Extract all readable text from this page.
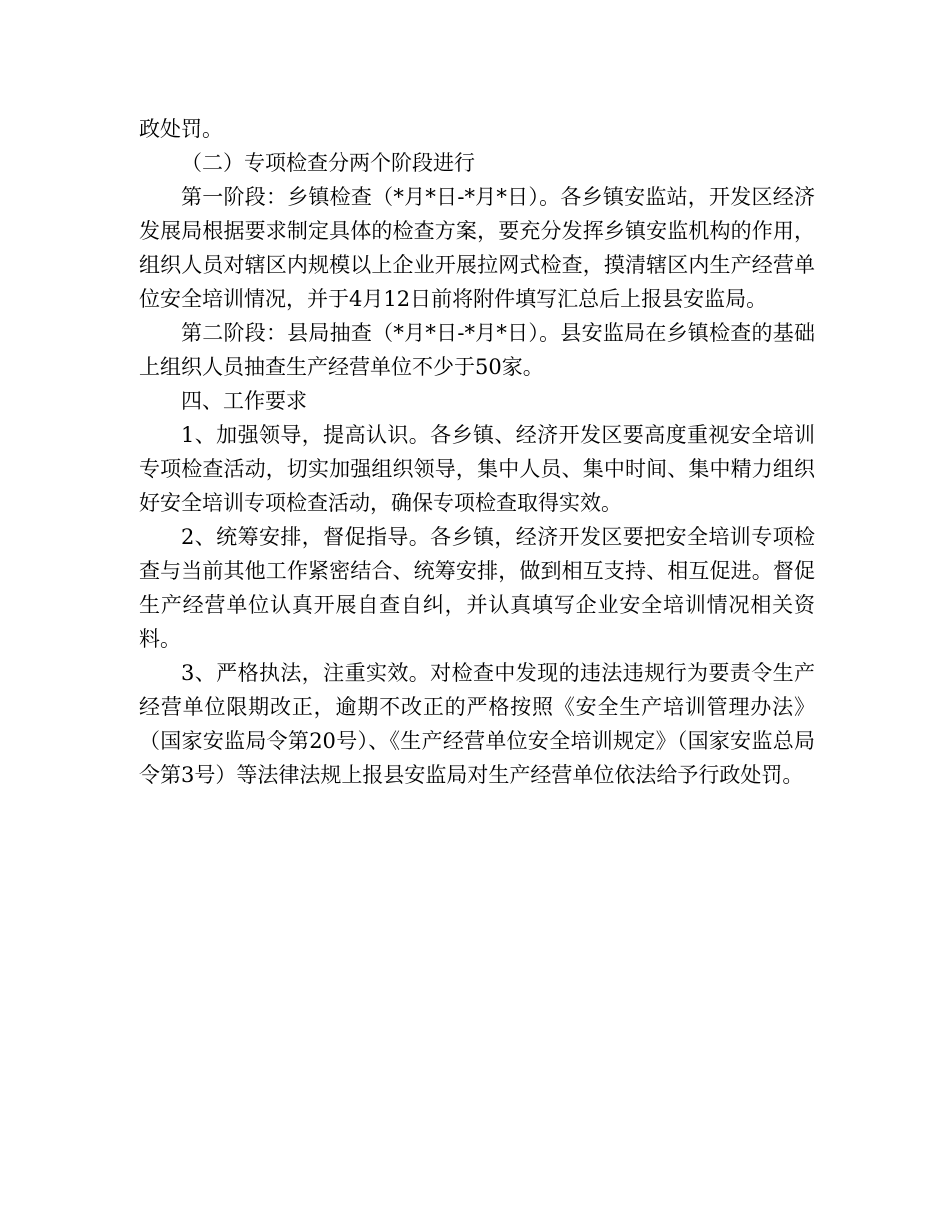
政处罚。

（二）专项检查分两个阶段进行

第一阶段：乡镇检查（*月*日-*月*日）。各乡镇安监站，开发区经济发展局根据要求制定具体的检查方案，要充分发挥乡镇安监机构的作用，组织人员对辖区内规模以上企业开展拉网式检查，摸清辖区内生产经营单位安全培训情况，并于4月12日前将附件填写汇总后上报县安监局。

第二阶段：县局抽查（*月*日-*月*日）。县安监局在乡镇检查的基础上组织人员抽查生产经营单位不少于50家。

四、工作要求

1、加强领导，提高认识。各乡镇、经济开发区要高度重视安全培训专项检查活动，切实加强组织领导，集中人员、集中时间、集中精力组织好安全培训专项检查活动，确保专项检查取得实效。

2、统筹安排，督促指导。各乡镇，经济开发区要把安全培训专项检查与当前其他工作紧密结合、统筹安排，做到相互支持、相互促进。督促生产经营单位认真开展自查自纠，并认真填写企业安全培训情况相关资料。

3、严格执法，注重实效。对检查中发现的违法违规行为要责令生产经营单位限期改正，逾期不改正的严格按照《安全生产培训管理办法》（国家安监局令第20号）、《生产经营单位安全培训规定》（国家安监总局令第3号）等法律法规上报县安监局对生产经营单位依法给予行政处罚。
